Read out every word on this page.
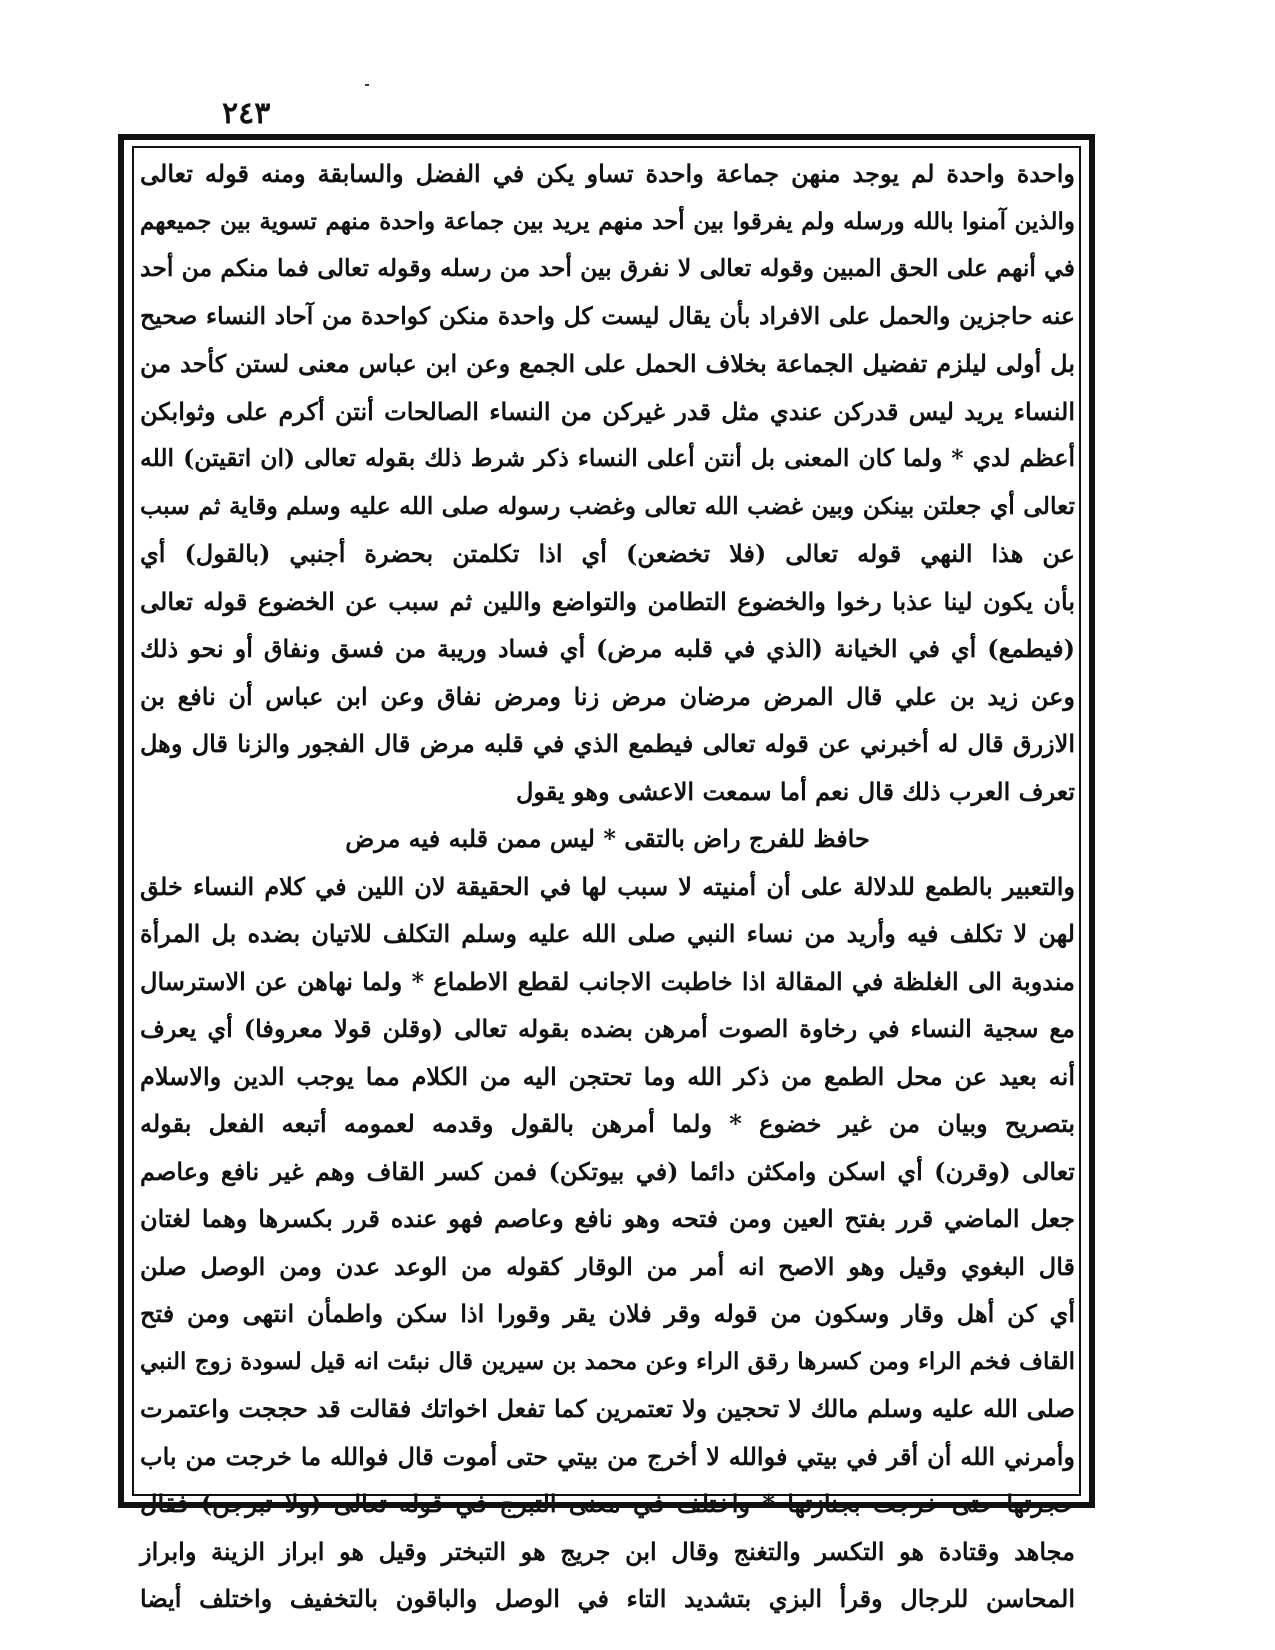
٢٤٣
واحدة واحدة لم يوجد منهن جماعة واحدة تساو يكن في الفضل والسابقة ومنه قوله تعالى
والذين آمنوا بالله ورسله ولم يفرقوا بين أحد منهم يريد بين جماعة واحدة منهم تسوية بين جميعهم
في أنهم على الحق المبين وقوله تعالى لا نفرق بين أحد من رسله وقوله تعالى فما منكم من أحد
عنه حاجزين والحمل على الافراد بأن يقال ليست كل واحدة منكن كواحدة من آحاد النساء صحيح
بل أولى ليلزم تفضيل الجماعة بخلاف الحمل على الجمع وعن ابن عباس معنى لستن كأحد من
النساء يريد ليس قدركن عندي مثل قدر غيركن من النساء الصالحات أنتن أكرم على وثوابكن
أعظم لدي * ولما كان المعنى بل أنتن أعلى النساء ذكر شرط ذلك بقوله تعالى (ان اتقيتن) الله
تعالى أي جعلتن بينكن وبين غضب الله تعالى وغضب رسوله صلى الله عليه وسلم وقاية ثم سبب
عن هذا النهي قوله تعالى (فلا تخضعن) أي اذا تكلمتن بحضرة أجنبي (بالقول) أي
بأن يكون لينا عذبا رخوا والخضوع التطامن والتواضع واللين ثم سبب عن الخضوع قوله تعالى
(فيطمع) أي في الخيانة (الذي في قلبه مرض) أي فساد وريبة من فسق ونفاق أو نحو ذلك
وعن زيد بن علي قال المرض مرضان مرض زنا ومرض نفاق وعن ابن عباس أن نافع بن
الازرق قال له أخبرني عن قوله تعالى فيطمع الذي في قلبه مرض قال الفجور والزنا قال وهل
تعرف العرب ذلك قال نعم أما سمعت الاعشى وهو يقول
حافظ للفرج راض بالتقى * ليس ممن قلبه فيه مرض
والتعبير بالطمع للدلالة على أن أمنيته لا سبب لها في الحقيقة لان اللين في كلام النساء خلق
لهن لا تكلف فيه وأريد من نساء النبي صلى الله عليه وسلم التكلف للاتيان بضده بل المرأة
مندوبة الى الغلظة في المقالة اذا خاطبت الاجانب لقطع الاطماع * ولما نهاهن عن الاسترسال
مع سجية النساء في رخاوة الصوت أمرهن بضده بقوله تعالى (وقلن قولا معروفا) أي يعرف
أنه بعيد عن محل الطمع من ذكر الله وما تحتجن اليه من الكلام مما يوجب الدين والاسلام
بتصريح وبيان من غير خضوع * ولما أمرهن بالقول وقدمه لعمومه أتبعه الفعل بقوله
تعالى (وقرن) أي اسكن وامكثن دائما (في بيوتكن) فمن كسر القاف وهم غير نافع وعاصم
جعل الماضي قرر بفتح العين ومن فتحه وهو نافع وعاصم فهو عنده قرر بكسرها وهما لغتان
قال البغوي وقيل وهو الاصح انه أمر من الوقار كقوله من الوعد عدن ومن الوصل صلن
أي كن أهل وقار وسكون من قوله وقر فلان يقر وقورا اذا سكن واطمأن انتهى ومن فتح
القاف فخم الراء ومن كسرها رقق الراء وعن محمد بن سيرين قال نبئت انه قيل لسودة زوج النبي
صلى الله عليه وسلم مالك لا تحجين ولا تعتمرين كما تفعل اخواتك فقالت قد حججت واعتمرت
وأمرني الله أن أقر في بيتي فوالله لا أخرج من بيتي حتى أموت قال فوالله ما خرجت من باب
حجرتها حتى خرجت بجنازتها * واختلف في معنى التبرج في قوله تعالى (ولا تبرجن) فقال
مجاهد وقتادة هو التكسر والتغنج وقال ابن جريج هو التبختر وقيل هو ابراز الزينة وابراز
المحاسن للرجال وقرأ البزي بتشديد التاء في الوصل والباقون بالتخفيف واختلف أيضا
